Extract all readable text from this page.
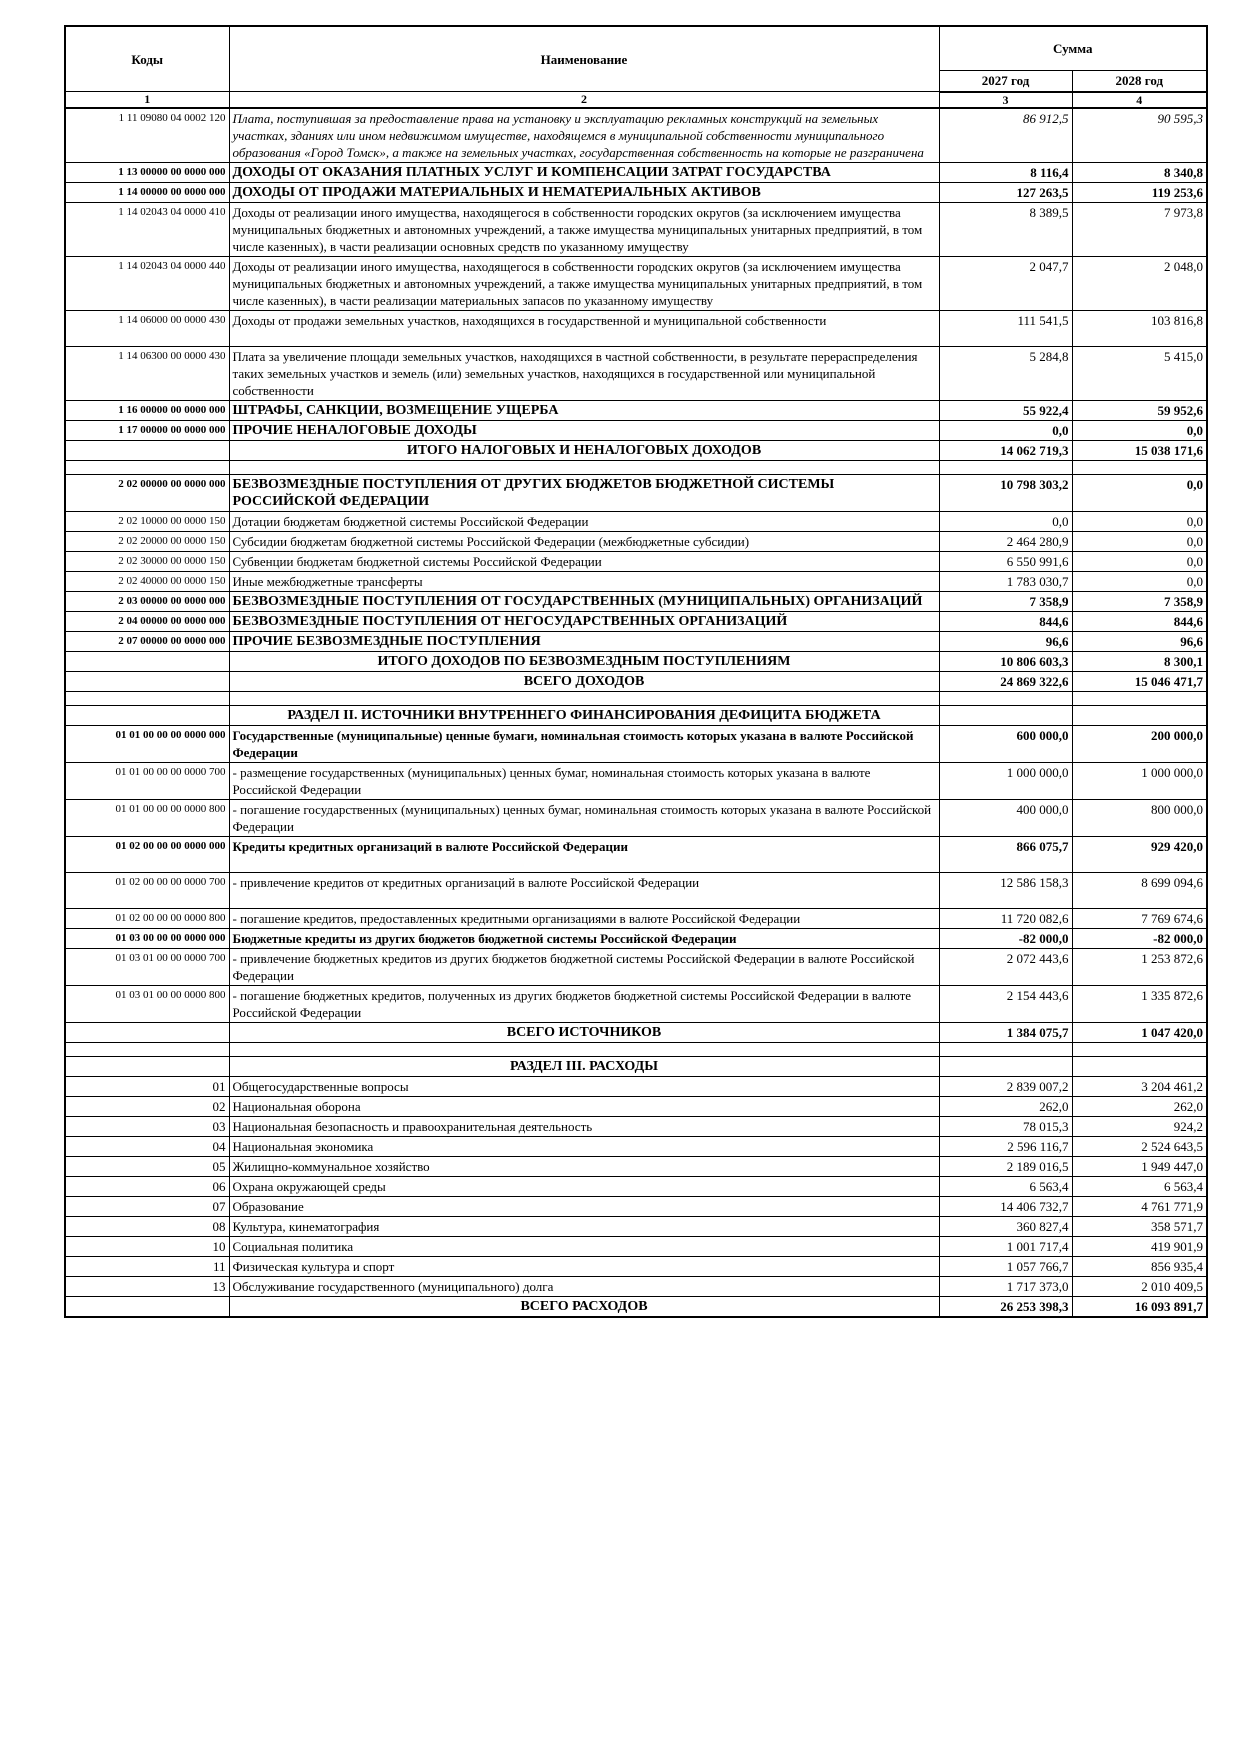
Коды	Наименование	Сумма	
		2027 год	2028 год
1	2	3	4
1 11 09080 04 0002 120	Плата, поступившая за предоставление права на установку и эксплуатацию рекламных конструкций на земельных участках, зданиях или ином недвижимом имуществе, находящемся в муниципальной собственности муниципального образования «Город Томск», а также на земельных участках, государственная собственность на которые не разграничена	86 912,5	90 595,3
1 13 00000 00 0000 000	ДОХОДЫ ОТ ОКАЗАНИЯ ПЛАТНЫХ УСЛУГ И КОМПЕНСАЦИИ ЗАТРАТ ГОСУДАРСТВА	8 116,4	8 340,8
1 14 00000 00 0000 000	ДОХОДЫ ОТ ПРОДАЖИ МАТЕРИАЛЬНЫХ И НЕМАТЕРИАЛЬНЫХ АКТИВОВ	127 263,5	119 253,6
1 14 02043 04 0000 410	Доходы от реализации иного имущества, находящегося в собственности городских округов (за исключением имущества муниципальных бюджетных и автономных учреждений, а также имущества муниципальных унитарных предприятий, в том числе казенных), в части реализации основных средств по указанному имуществу	8 389,5	7 973,8
1 14 02043 04 0000 440	Доходы от реализации иного имущества, находящегося в собственности городских округов (за исключением имущества муниципальных бюджетных и автономных учреждений, а также имущества муниципальных унитарных предприятий, в том числе казенных), в части реализации материальных запасов по указанному имуществу	2 047,7	2 048,0
1 14 06000 00 0000 430	Доходы от продажи земельных участков, находящихся в государственной и муниципальной собственности	111 541,5	103 816,8
1 14 06300 00 0000 430	Плата за увеличение площади земельных участков, находящихся в частной собственности, в результате перераспределения таких земельных участков и земель (или) земельных участков, находящихся в государственной или муниципальной собственности	5 284,8	5 415,0
1 16 00000 00 0000 000	ШТРАФЫ, САНКЦИИ, ВОЗМЕЩЕНИЕ УЩЕРБА	55 922,4	59 952,6
1 17 00000 00 0000 000	ПРОЧИЕ НЕНАЛОГОВЫЕ ДОХОДЫ	0,0	0,0
	ИТОГО НАЛОГОВЫХ И НЕНАЛОГОВЫХ ДОХОДОВ	14 062 719,3	15 038 171,6

2 02 00000 00 0000 000	БЕЗВОЗМЕЗДНЫЕ ПОСТУПЛЕНИЯ ОТ ДРУГИХ БЮДЖЕТОВ БЮДЖЕТНОЙ СИСТЕМЫ РОССИЙСКОЙ ФЕДЕРАЦИИ	10 798 303,2	0,0
2 02 10000 00 0000 150	Дотации бюджетам бюджетной системы Российской Федерации	0,0	0,0
2 02 20000 00 0000 150	Субсидии бюджетам бюджетной системы Российской Федерации (межбюджетные субсидии)	2 464 280,9	0,0
2 02 30000 00 0000 150	Субвенции бюджетам бюджетной системы Российской Федерации	6 550 991,6	0,0
2 02 40000 00 0000 150	Иные межбюджетные трансферты	1 783 030,7	0,0
2 03 00000 00 0000 000	БЕЗВОЗМЕЗДНЫЕ ПОСТУПЛЕНИЯ ОТ ГОСУДАРСТВЕННЫХ (МУНИЦИПАЛЬНЫХ) ОРГАНИЗАЦИЙ	7 358,9	7 358,9
2 04 00000 00 0000 000	БЕЗВОЗМЕЗДНЫЕ ПОСТУПЛЕНИЯ ОТ НЕГОСУДАРСТВЕННЫХ ОРГАНИЗАЦИЙ	844,6	844,6
2 07 00000 00 0000 000	ПРОЧИЕ БЕЗВОЗМЕЗДНЫЕ ПОСТУПЛЕНИЯ	96,6	96,6
	ИТОГО ДОХОДОВ ПО БЕЗВОЗМЕЗДНЫМ ПОСТУПЛЕНИЯМ	10 806 603,3	8 300,1
	ВСЕГО ДОХОДОВ	24 869 322,6	15 046 471,7

	РАЗДЕЛ II. ИСТОЧНИКИ ВНУТРЕННЕГО ФИНАНСИРОВАНИЯ ДЕФИЦИТА БЮДЖЕТА		
01 01 00 00 00 0000 000	Государственные (муниципальные) ценные бумаги, номинальная стоимость которых указана в валюте Российской Федерации	600 000,0	200 000,0
01 01 00 00 00 0000 700	- размещение государственных (муниципальных) ценных бумаг, номинальная стоимость которых указана в валюте Российской Федерации	1 000 000,0	1 000 000,0
01 01 00 00 00 0000 800	- погашение государственных (муниципальных) ценных бумаг, номинальная стоимость которых указана в валюте Российской Федерации	400 000,0	800 000,0
01 02 00 00 00 0000 000	Кредиты кредитных организаций в валюте Российской Федерации	866 075,7	929 420,0
01 02 00 00 00 0000 700	- привлечение кредитов от кредитных организаций в валюте Российской Федерации	12 586 158,3	8 699 094,6
01 02 00 00 00 0000 800	- погашение кредитов, предоставленных кредитными организациями в валюте Российской Федерации	11 720 082,6	7 769 674,6
01 03 00 00 00 0000 000	Бюджетные кредиты из других бюджетов бюджетной системы Российской Федерации	-82 000,0	-82 000,0
01 03 01 00 00 0000 700	- привлечение бюджетных кредитов из других бюджетов бюджетной системы Российской Федерации в валюте Российской Федерации	2 072 443,6	1 253 872,6
01 03 01 00 00 0000 800	- погашение бюджетных кредитов, полученных из других бюджетов бюджетной системы Российской Федерации в валюте Российской Федерации	2 154 443,6	1 335 872,6
	ВСЕГО ИСТОЧНИКОВ	1 384 075,7	1 047 420,0

	РАЗДЕЛ III. РАСХОДЫ		
01	Общегосударственные вопросы	2 839 007,2	3 204 461,2
02	Национальная оборона	262,0	262,0
03	Национальная безопасность и правоохранительная деятельность	78 015,3	924,2
04	Национальная экономика	2 596 116,7	2 524 643,5
05	Жилищно-коммунальное хозяйство	2 189 016,5	1 949 447,0
06	Охрана окружающей среды	6 563,4	6 563,4
07	Образование	14 406 732,7	4 761 771,9
08	Культура, кинематография	360 827,4	358 571,7
10	Социальная политика	1 001 717,4	419 901,9
11	Физическая культура и спорт	1 057 766,7	856 935,4
13	Обслуживание государственного (муниципального) долга	1 717 373,0	2 010 409,5
	ВСЕГО РАСХОДОВ	26 253 398,3	16 093 891,7
